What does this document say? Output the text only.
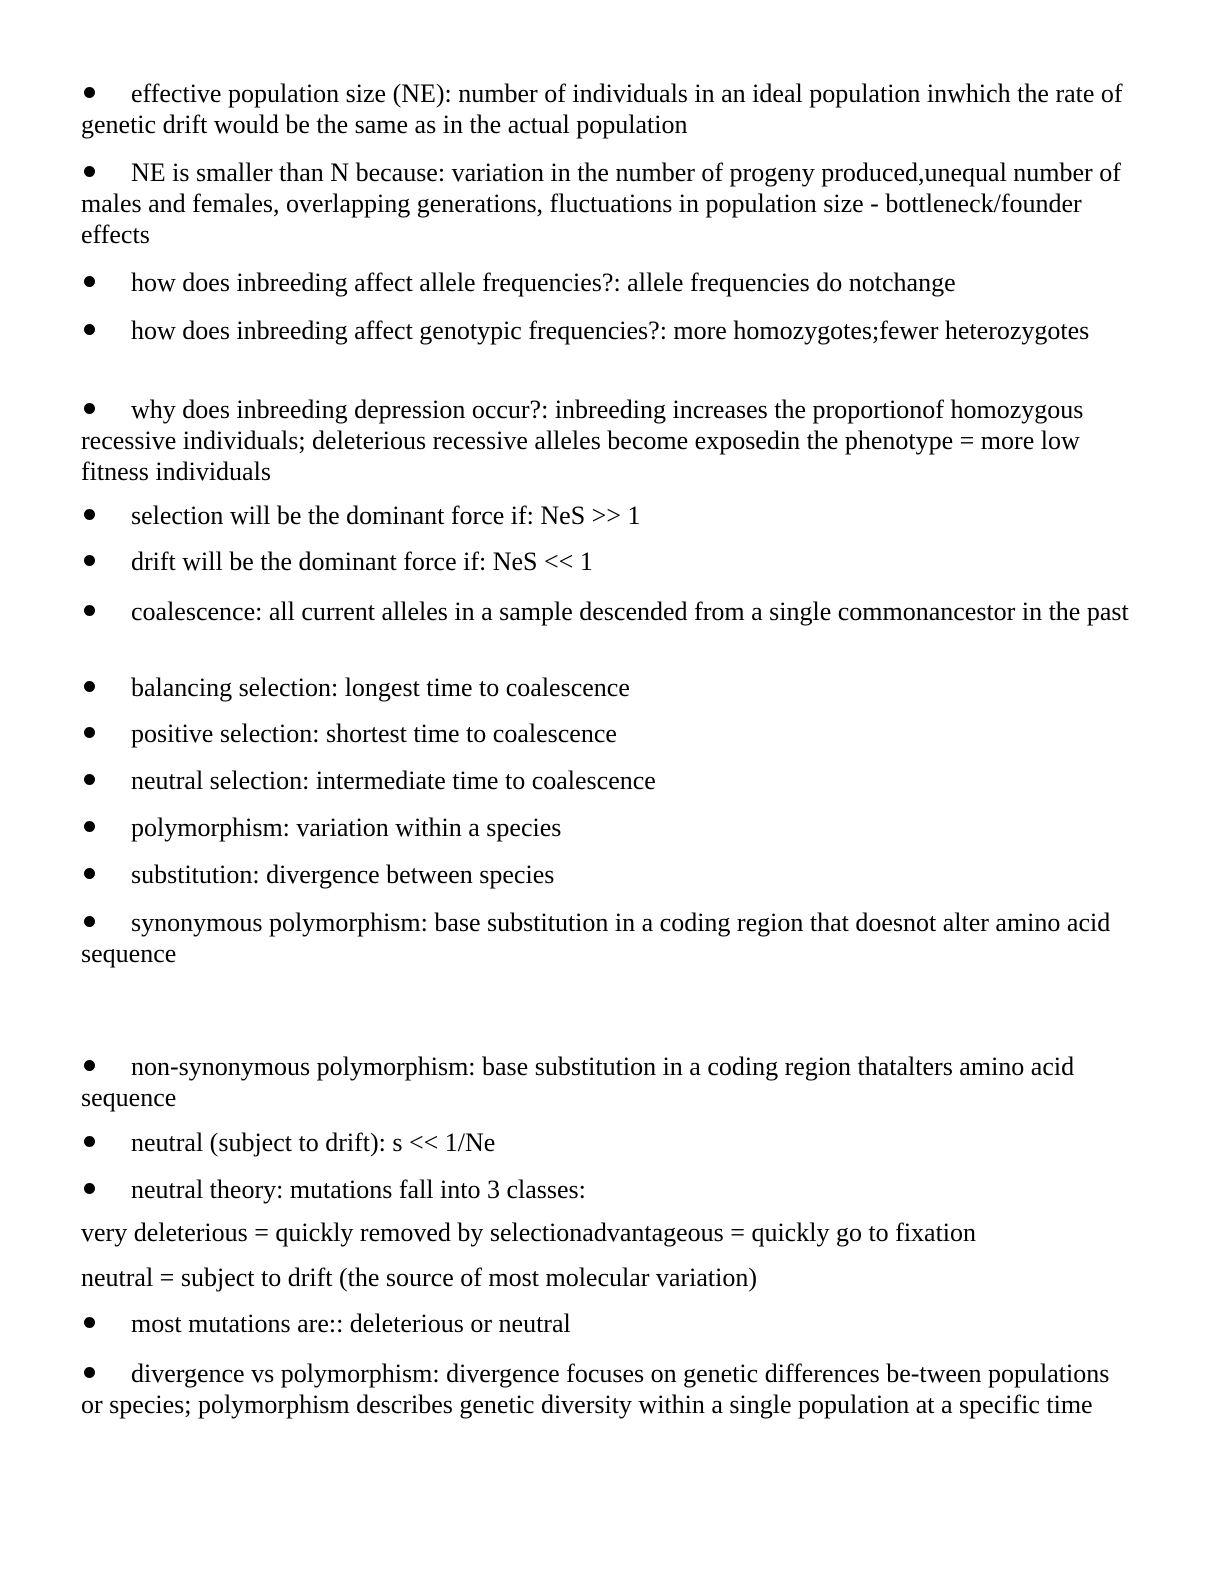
effective population size (NE): number of individuals in an ideal population inwhich the rate of genetic drift would be the same as in the actual population
NE is smaller than N because: variation in the number of progeny produced,unequal number of males and females, overlapping generations, fluctuations in population size - bottleneck/founder effects
how does inbreeding affect allele frequencies?: allele frequencies do notchange
how does inbreeding affect genotypic frequencies?: more homozygotes;fewer heterozygotes
why does inbreeding depression occur?: inbreeding increases the proportionof homozygous recessive individuals; deleterious recessive alleles become exposedin the phenotype = more low fitness individuals
selection will be the dominant force if: NeS >> 1
drift will be the dominant force if: NeS << 1
coalescence: all current alleles in a sample descended from a single commonancestor in the past
balancing selection: longest time to coalescence
positive selection: shortest time to coalescence
neutral selection: intermediate time to coalescence
polymorphism: variation within a species
substitution: divergence between species
synonymous polymorphism: base substitution in a coding region that doesnot alter amino acid sequence
non-synonymous polymorphism: base substitution in a coding region thatalters amino acid sequence
neutral (subject to drift): s << 1/Ne
neutral theory: mutations fall into 3 classes:
very deleterious = quickly removed by selectionadvantageous = quickly go to fixation
neutral = subject to drift (the source of most molecular variation)
most mutations are:: deleterious or neutral
divergence vs polymorphism: divergence focuses on genetic differences be-tween populations or species; polymorphism describes genetic diversity within a single population at a specific time
